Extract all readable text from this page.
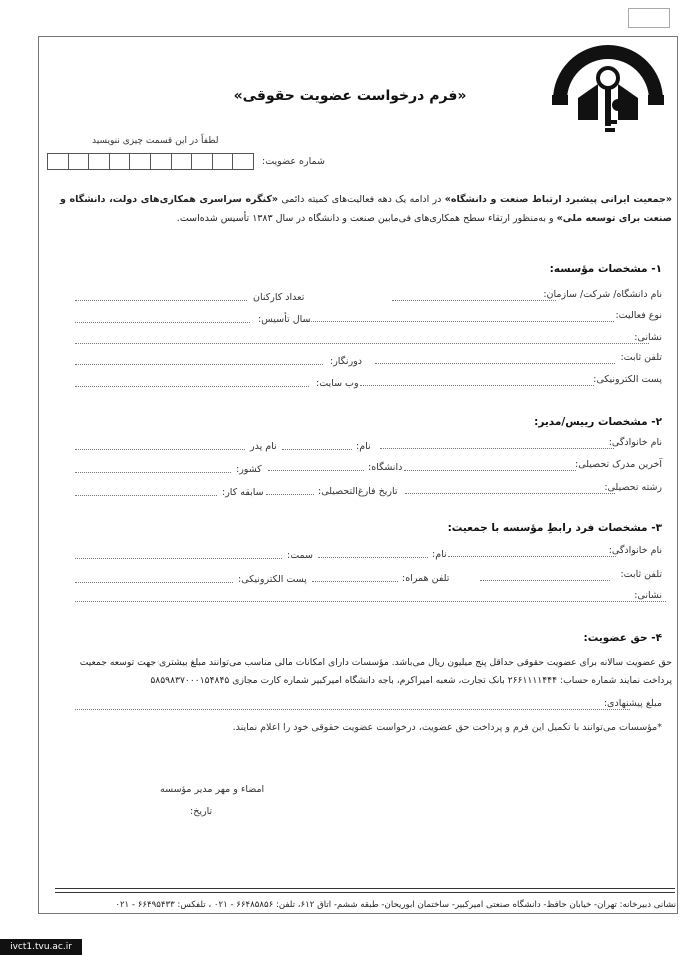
«فرم درخواست عضویت حقوقی»
لطفاً در این قسمت چیزی ننویسید
شماره عضویت:
«جمعیت ایرانی پیشبرد ارتباط صنعت و دانشگاه» در ادامه یک دهه فعالیت‌های کمیته دائمی «کنگره سراسری همکاری‌های دولت، دانشگاه و صنعت برای توسعه ملی» و به‌منظور ارتقاء سطح همکاری‌های فی‌مابین صنعت و دانشگاه در سال ۱۳۸۳ تأسیس شده‌است.
۱- مشخصات مؤسسه:
نام دانشگاه/ شرکت/ سازمان:
تعداد کارکنان
نوع فعالیت:
سال تأسیس:
نشانی:
تلفن ثابت:
دورنگار:
پست الکترونیکی:
وب سایت:
۲- مشخصات رییس/مدیر:
نام خانوادگی:
نام:
نام پدر
آخرین مدرک تحصیلی:
دانشگاه:
کشور:
رشته تحصیلی:
تاریخ فارغ‌التحصیلی:
سابقه کار:
۳- مشخصات فرد رابطِ مؤسسه با جمعیت:
نام خانوادگی:
نام:
سمت:
تلفن ثابت:
تلفن همراه:
پست الکترونیکی:
نشانی:
۴- حق عضویت:
حق عضویت سالانه برای عضویت حقوقی حداقل پنج میلیون ریال می‌باشد. مؤسسات دارای امکانات مالی مناسب می‌توانند مبلغ بیشتری جهت توسعه جمعیت
پرداخت نمایند شماره حساب: ۲۶۶۱۱۱۱۴۴۴ بانک تجارت، شعبه امیراکرم، باجه دانشگاه امیرکبیر شماره کارت مجازی ۵۸۵۹۸۳۷۰۰۰۱۵۴۸۴۵
مبلغ پیشنهادی:
*مؤسسات می‌توانند با تکمیل این فرم و پرداخت حق عضویت، درخواست عضویت حقوقی خود را اعلام نمایند.
امضاء و مهر مدیر مؤسسه
تاریخ:
نشانی دبیرخانه: تهران- خیابان حافظ- دانشگاه صنعتی امیرکبیر- ساختمان ابوریحان- طبقه ششم- اتاق ۶۱۲، تلفن: ۶۶۴۸۵۸۵۶ - ۰۲۱ ، تلفکس: ۶۶۴۹۵۴۳۳ - ۰۲۱
ivct1.tvu.ac.ir
